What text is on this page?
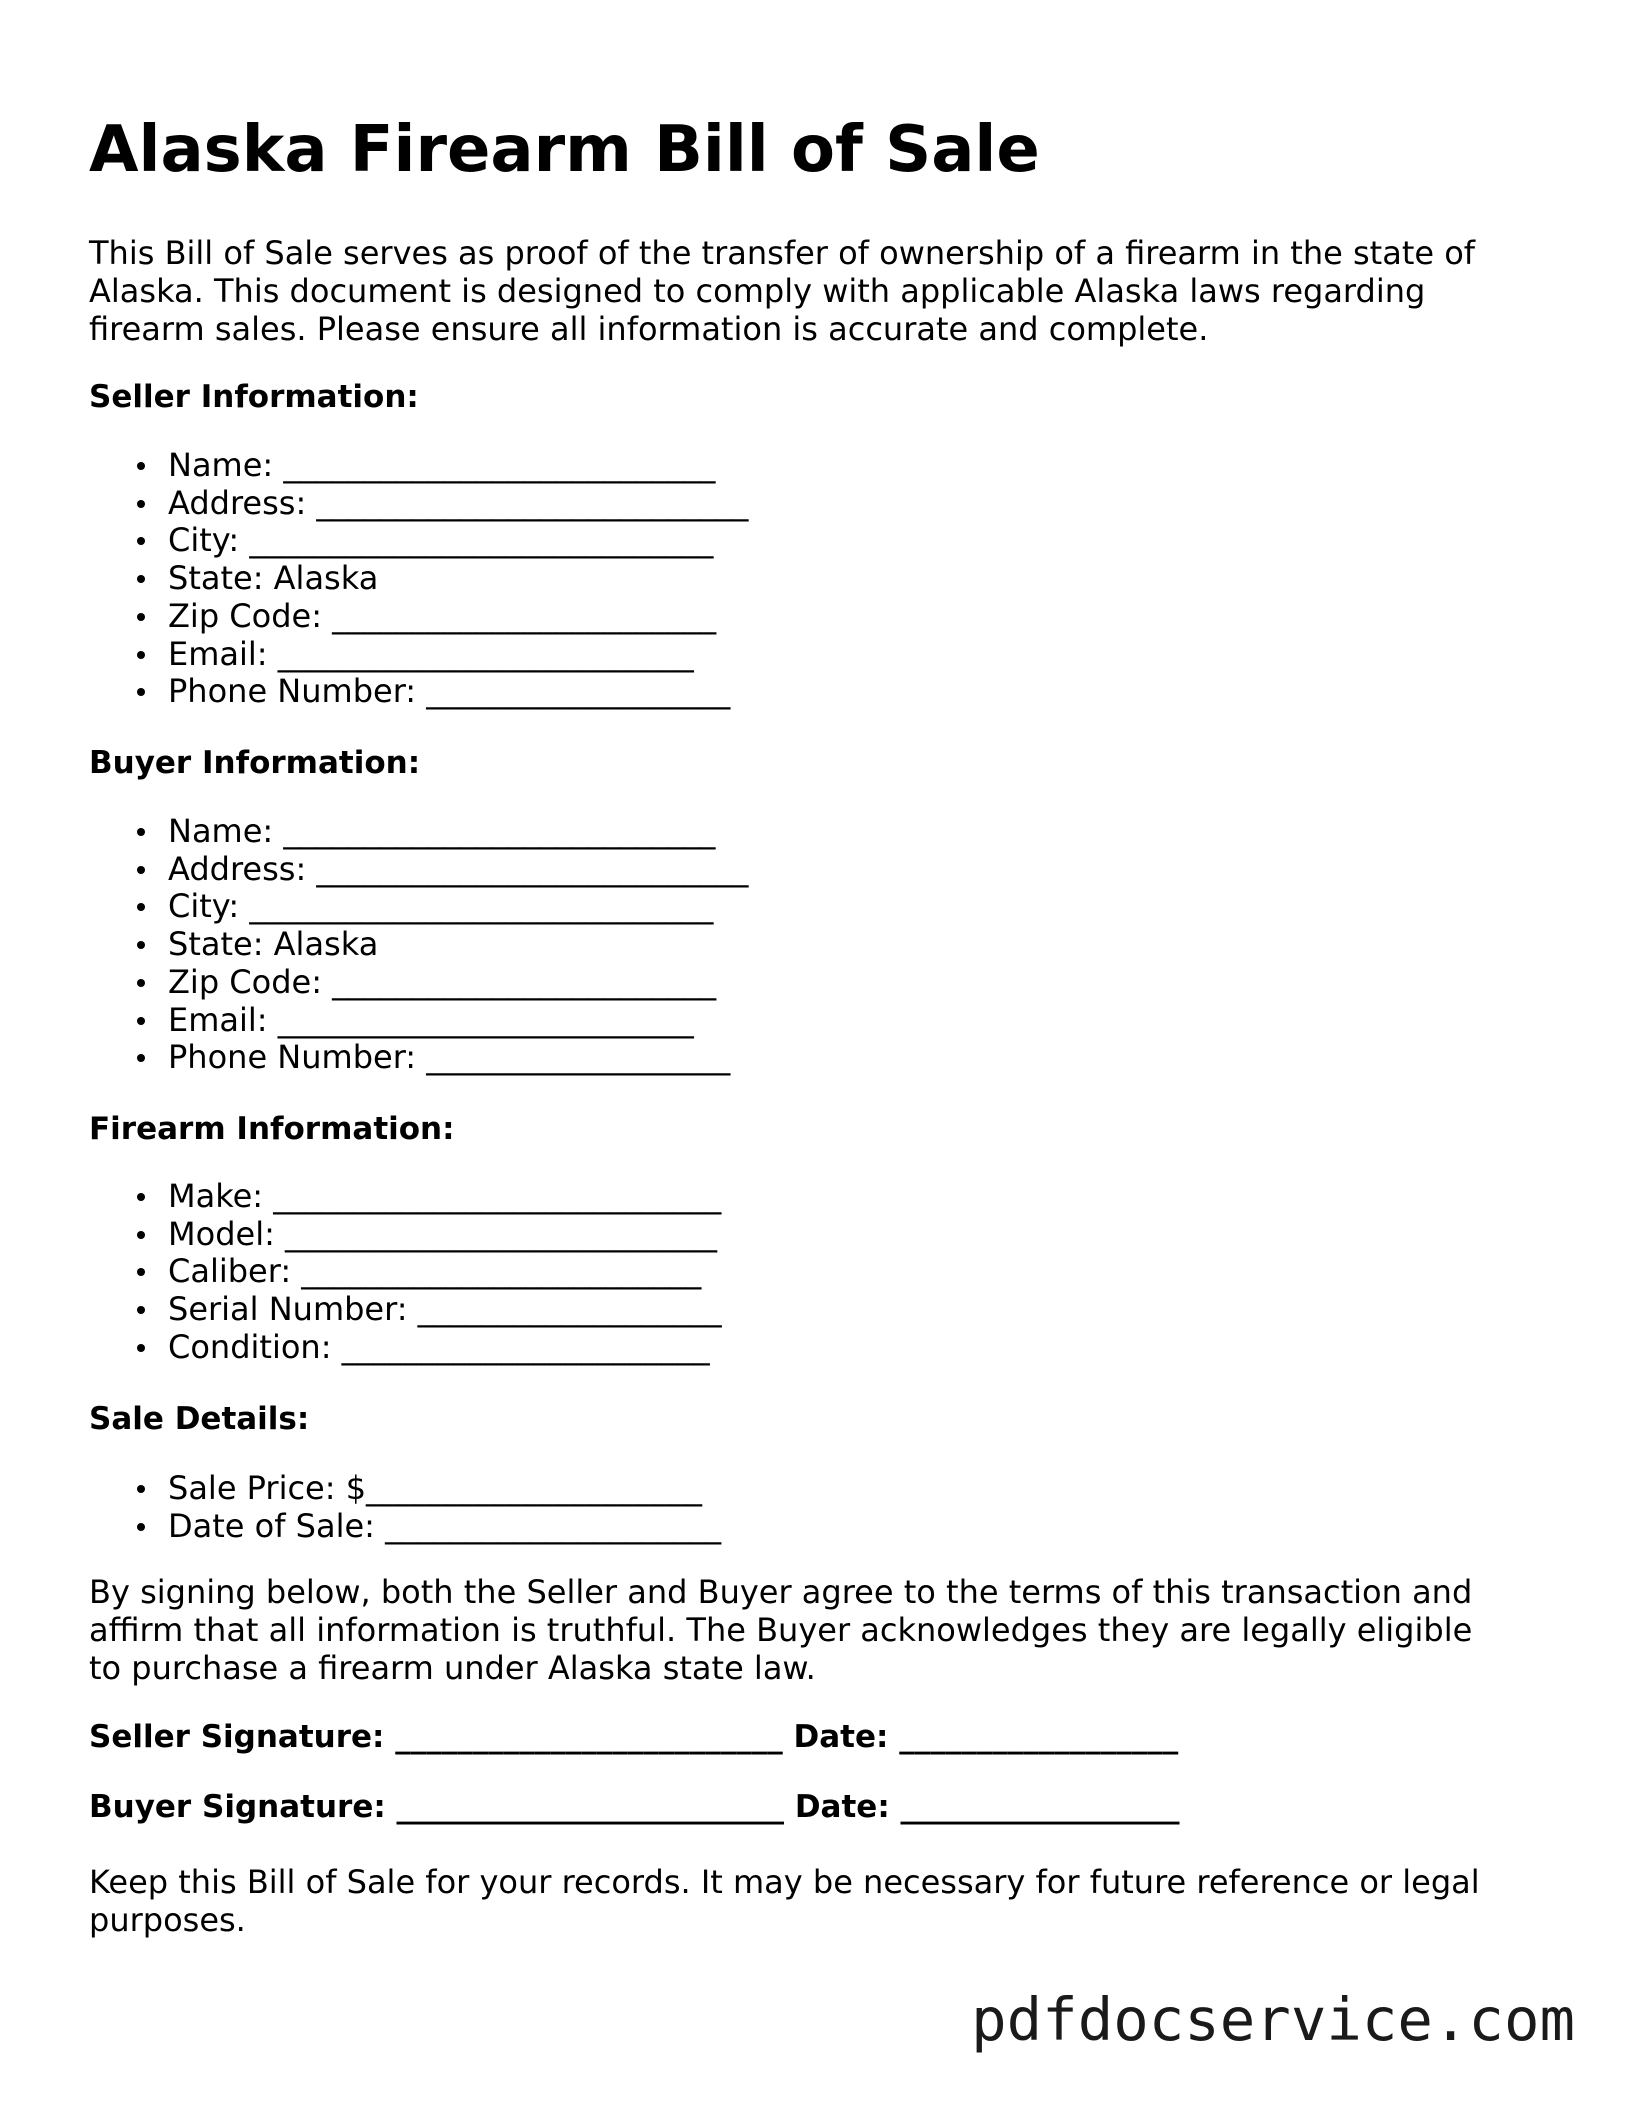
Alaska Firearm Bill of Sale

This Bill of Sale serves as proof of the transfer of ownership of a firearm in the state of Alaska. This document is designed to comply with applicable Alaska laws regarding firearm sales. Please ensure all information is accurate and complete.

Seller Information:
Name: ___________________________
Address: ___________________________
City: _____________________________
State: Alaska
Zip Code: ________________________
Email: __________________________
Phone Number: ___________________
Buyer Information:
Name: ___________________________
Address: ___________________________
City: _____________________________
State: Alaska
Zip Code: ________________________
Email: __________________________
Phone Number: ___________________
Firearm Information:
Make: ____________________________
Model: ___________________________
Caliber: _________________________
Serial Number: ___________________
Condition: _______________________
Sale Details:
Sale Price: $_____________________
Date of Sale: _____________________

By signing below, both the Seller and Buyer agree to the terms of this transaction and affirm that all information is truthful. The Buyer acknowledges they are legally eligible to purchase a firearm under Alaska state law.

Seller Signature: _________________________ Date: __________________
Buyer Signature: _________________________ Date: __________________

Keep this Bill of Sale for your records. It may be necessary for future reference or legal purposes.

pdfdocservice.com
